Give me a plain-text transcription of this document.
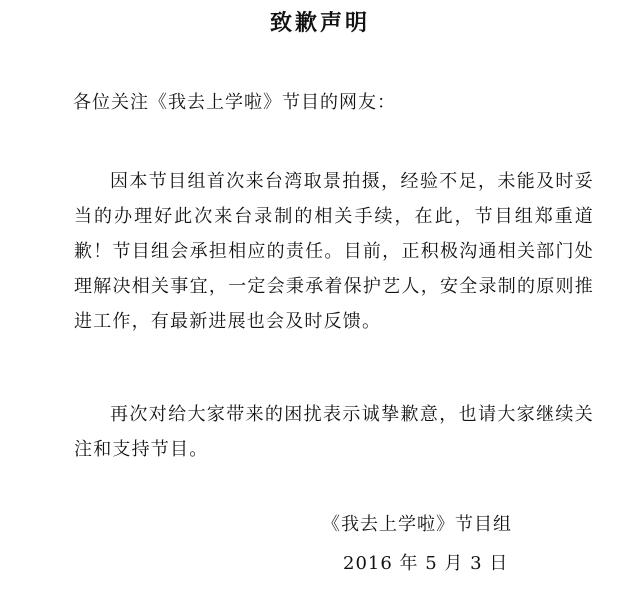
致歉声明
各位关注《我去上学啦》节目的网友：

因本节目组首次来台湾取景拍摄，经验不足，未能及时妥当的办理好此次来台录制的相关手续，在此，节目组郑重道歉！节目组会承担相应的责任。目前，正积极沟通相关部门处理解决相关事宜，一定会秉承着保护艺人，安全录制的原则推进工作，有最新进展也会及时反馈。

再次对给大家带来的困扰表示诚挚歉意，也请大家继续关注和支持节目。

《我去上学啦》节目组
2016 年 5 月 3 日
